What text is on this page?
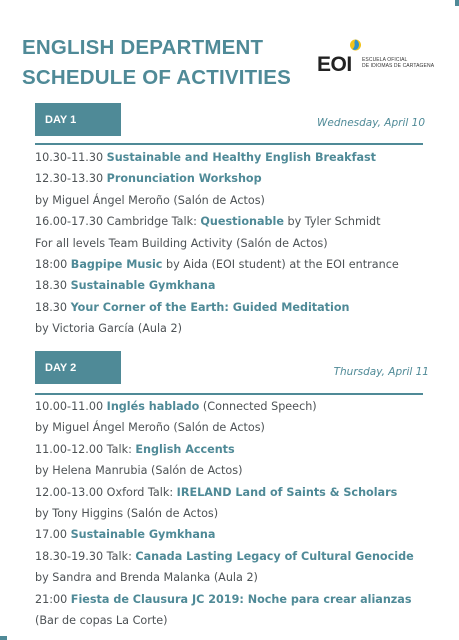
ENGLISH DEPARTMENT
SCHEDULE OF ACTIVITIES
EOI ESCUELA OFICIAL
DE IDIOMAS DE CARTAGENA
DAY 1	Wednesday, April 10
10.30-11.30 Sustainable and Healthy English Breakfast
12.30-13.30 Pronunciation Workshop
by Miguel Ángel Meroño (Salón de Actos)
16.00-17.30 Cambridge Talk: Questionable by Tyler Schmidt
For all levels Team Building Activity (Salón de Actos)
18:00 Bagpipe Music by Aida (EOI student) at the EOI entrance
18.30 Sustainable Gymkhana
18.30 Your Corner of the Earth: Guided Meditation
by Victoria García (Aula 2)
DAY 2	Thursday, April 11
10.00-11.00 Inglés hablado (Connected Speech)
by Miguel Ángel Meroño (Salón de Actos)
11.00-12.00 Talk: English Accents
by Helena Manrubia (Salón de Actos)
12.00-13.00 Oxford Talk: IRELAND Land of Saints & Scholars
by Tony Higgins (Salón de Actos)
17.00 Sustainable Gymkhana
18.30-19.30 Talk: Canada Lasting Legacy of Cultural Genocide
by Sandra and Brenda Malanka (Aula 2)
21:00 Fiesta de Clausura JC 2019: Noche para crear alianzas
(Bar de copas La Corte)
